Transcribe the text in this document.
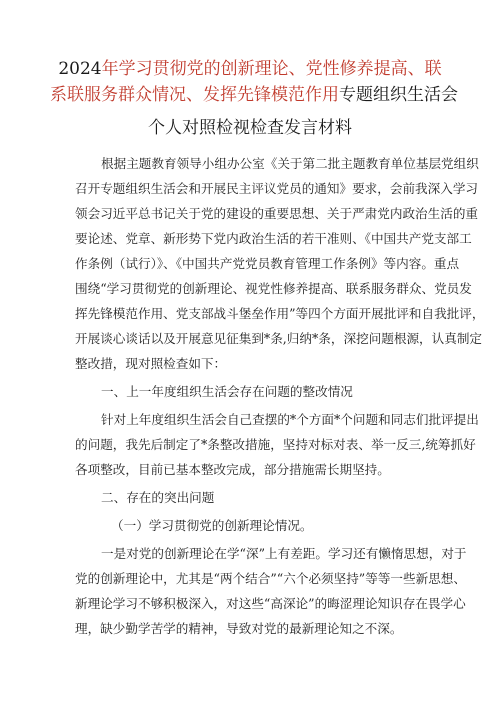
2024年学习贯彻党的创新理论、党性修养提高、联
系联服务群众情况、发挥先锋模范作用专题组织生活会
个人对照检视检查发言材料
根据主题教育领导小组办公室《关于第二批主题教育单位基层党组织
召开专题组织生活会和开展民主评议党员的通知》要求，会前我深入学习
领会习近平总书记关于党的建设的重要思想、关于严肃党内政治生活的重
要论述、党章、新形势下党内政治生活的若干准则、《中国共产党支部工
作条例（试行）》、《中国共产党党员教育管理工作条例》等内容。重点
围绕“学习贯彻党的创新理论、视党性修养提高、联系服务群众、党员发
挥先锋模范作用、党支部战斗堡垒作用”等四个方面开展批评和自我批评，
开展谈心谈话以及开展意见征集到*条,归纳*条，深挖问题根源，认真制定
整改措，现对照检查如下：
一、上一年度组织生活会存在问题的整改情况
针对上年度组织生活会自己查摆的*个方面*个问题和同志们批评提出
的问题，我先后制定了*条整改措施，坚持对标对表、举一反三,统筹抓好
各项整改，目前已基本整改完成，部分措施需长期坚持。
二、存在的突出问题
（一）学习贯彻党的创新理论情况。
一是对党的创新理论在学“深”上有差距。学习还有懒惰思想，对于
党的创新理论中，尤其是“两个结合”“六个必须坚持”等等一些新思想、
新理论学习不够积极深入，对这些“高深论”的晦涩理论知识存在畏学心
理，缺少勤学苦学的精神，导致对党的最新理论知之不深。
